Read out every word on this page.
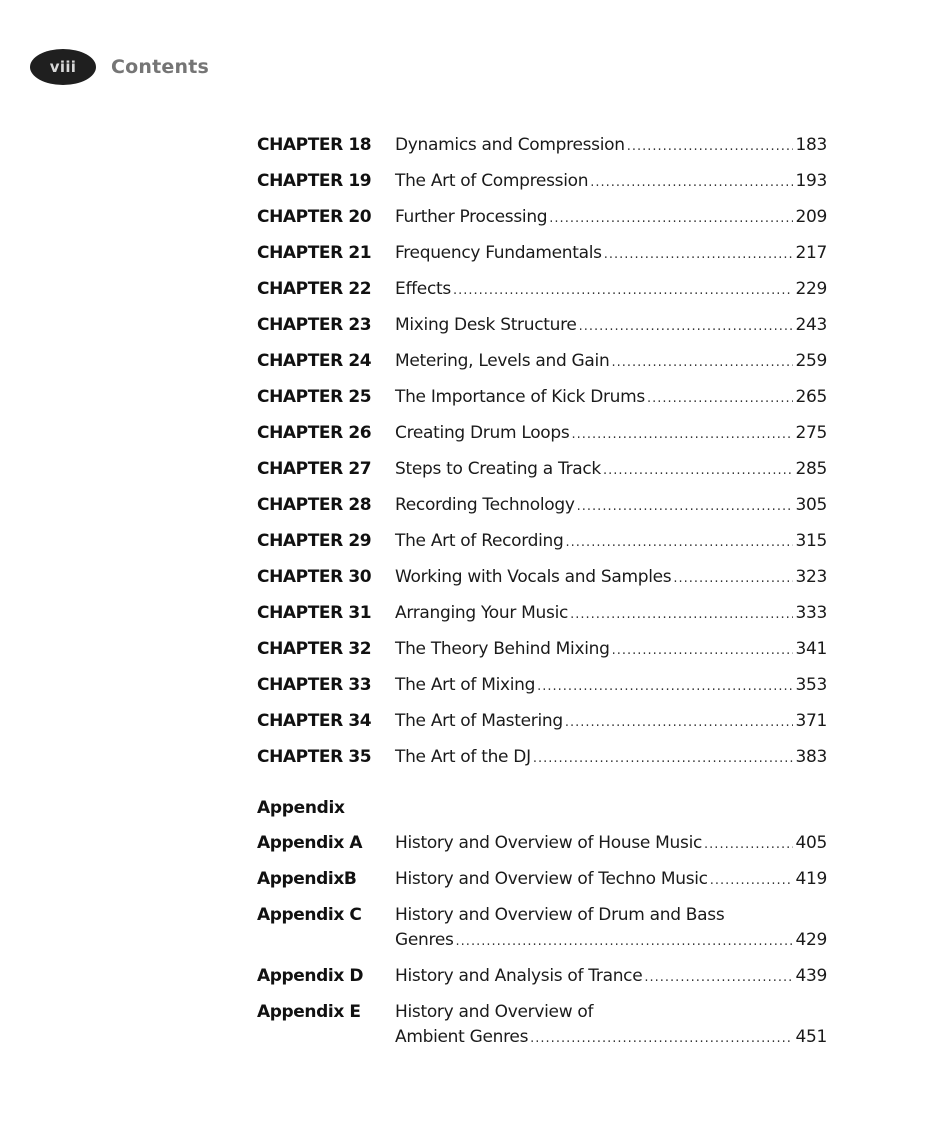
viii	Contents
CHAPTER 18	Dynamics and Compression .....	183
CHAPTER 19	The Art of Compression .....	193
CHAPTER 20	Further Processing .....	209
CHAPTER 21	Frequency Fundamentals .....	217
CHAPTER 22	Effects .....	229
CHAPTER 23	Mixing Desk Structure .....	243
CHAPTER 24	Metering, Levels and Gain .....	259
CHAPTER 25	The Importance of Kick Drums .....	265
CHAPTER 26	Creating Drum Loops .....	275
CHAPTER 27	Steps to Creating a Track .....	285
CHAPTER 28	Recording Technology .....	305
CHAPTER 29	The Art of Recording .....	315
CHAPTER 30	Working with Vocals and Samples .....	323
CHAPTER 31	Arranging Your Music .....	333
CHAPTER 32	The Theory Behind Mixing .....	341
CHAPTER 33	The Art of Mixing .....	353
CHAPTER 34	The Art of Mastering .....	371
CHAPTER 35	The Art of the DJ .....	383
Appendix
Appendix A	History and Overview of House Music .....	405
AppendixB	History and Overview of Techno Music .....	419
Appendix C	History and Overview of Drum and Bass
Genres .....	429
Appendix D	History and Analysis of Trance .....	439
Appendix E	History and Overview of
Ambient Genres .....	451
